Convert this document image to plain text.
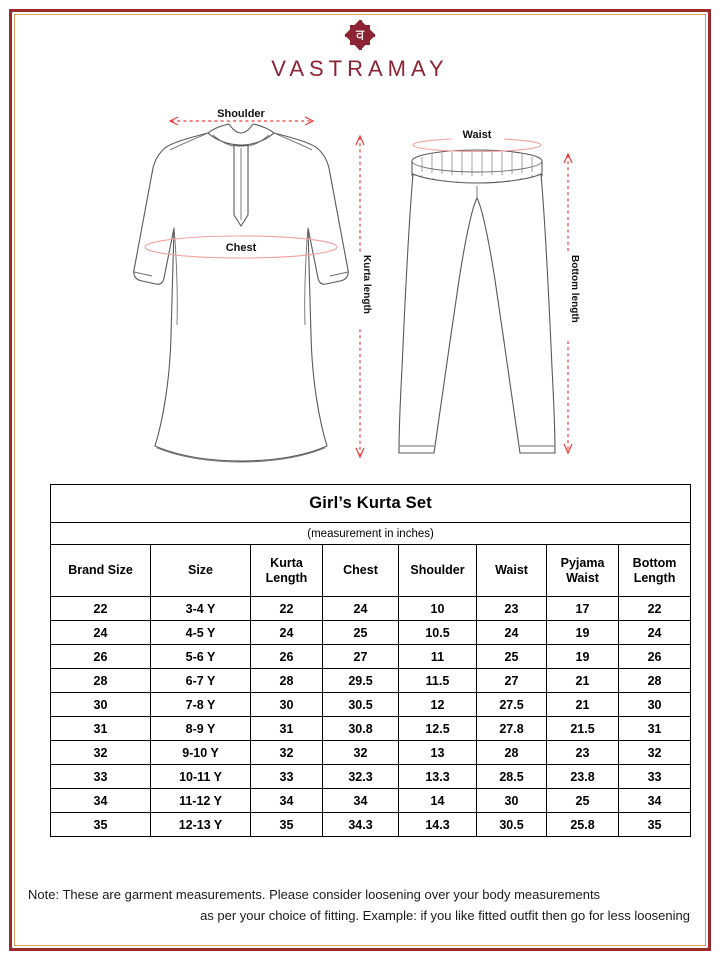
व
VASTRAMAY
Chest
Shoulder
Kurta length
Waist
Bottom length
Girl’s Kurta Set							
(measurement in inches)							
Brand Size	Size	Kurta Length	Chest	Shoulder	Waist	Pyjama Waist	Bottom Length
22	3-4 Y	22	24	10	23	17	22
24	4-5 Y	24	25	10.5	24	19	24
26	5-6 Y	26	27	11	25	19	26
28	6-7 Y	28	29.5	11.5	27	21	28
30	7-8 Y	30	30.5	12	27.5	21	30
31	8-9 Y	31	30.8	12.5	27.8	21.5	31
32	9-10 Y	32	32	13	28	23	32
33	10-11 Y	33	32.3	13.3	28.5	23.8	33
34	11-12 Y	34	34	14	30	25	34
35	12-13 Y	35	34.3	14.3	30.5	25.8	35
Note: These are garment measurements. Please consider loosening over your body measurements
as per your choice of fitting. Example: if you like fitted outfit then go for less loosening
